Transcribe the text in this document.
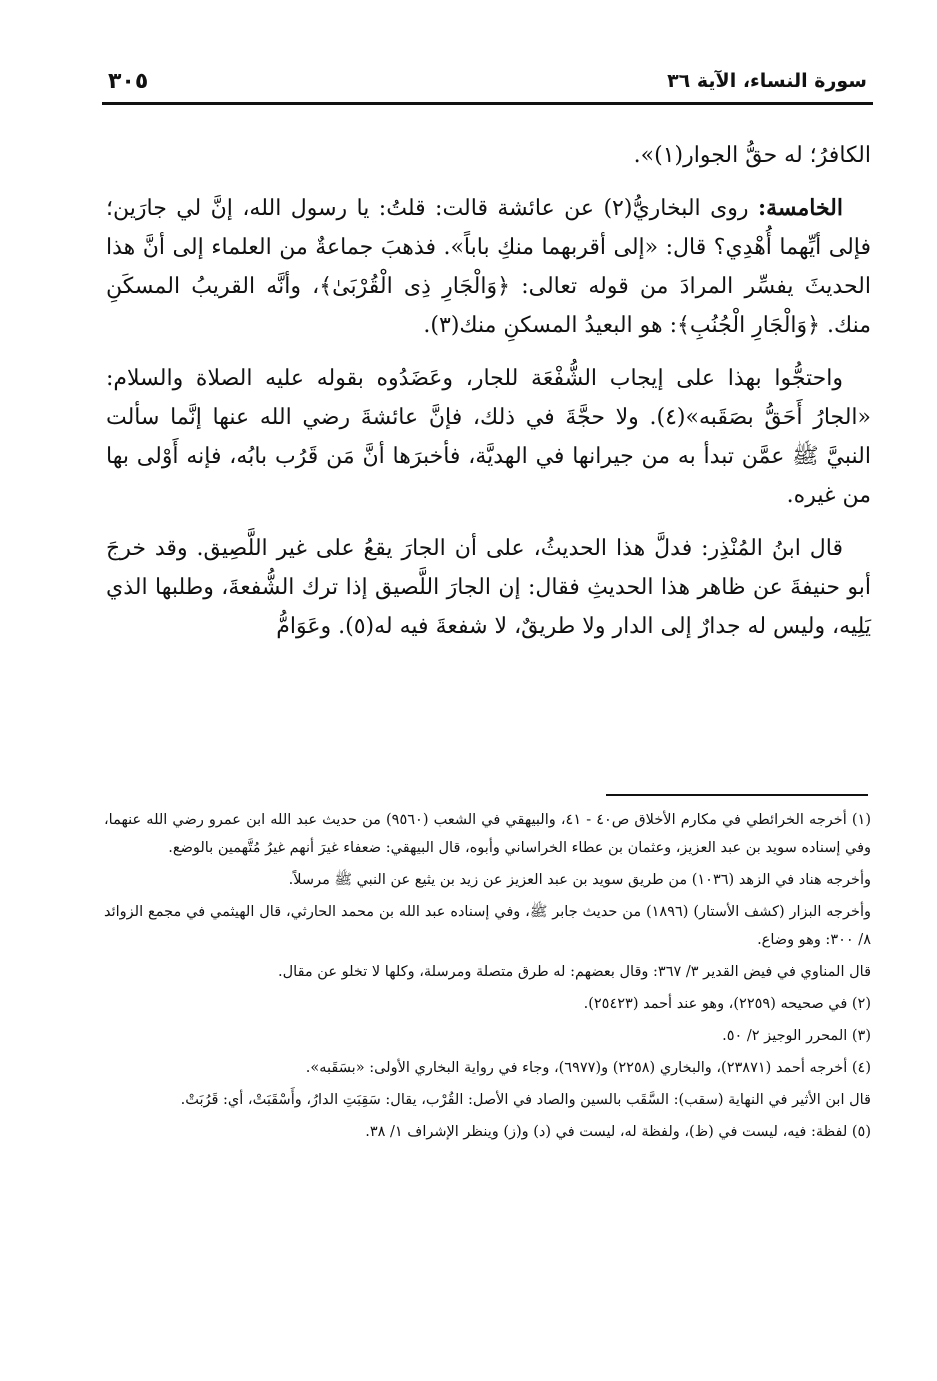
سورة النساء، الآية ٣٦
٣٠٥

الكافرُ؛ له حقُّ الجوار(١)».

الخامسة: روى البخاريُّ(٢) عن عائشة قالت: قلتُ: يا رسول الله، إنَّ لي جارَين؛ فإلى أيِّهما أُهْدِي؟ قال: «إلى أقربهما منكِ باباً». فذهبَ جماعةٌ من العلماء إلى أنَّ هذا الحديثَ يفسِّر المرادَ من قوله تعالى: ﴿وَالْجَارِ ذِى الْقُرْبَىٰ﴾، وأنَّه القريبُ المسكَنِ منك. ﴿وَالْجَارِ الْجُنُبِ﴾: هو البعيدُ المسكنِ منك(٣).

واحتجُّوا بهذا على إيجاب الشُّفْعَة للجار، وعَضَدُوه بقوله عليه الصلاة والسلام: «الجارُ أَحَقُّ بصَقَبه»(٤). ولا حجَّةَ في ذلك، فإنَّ عائشةَ رضي الله عنها إنَّما سألت النبيَّ ﷺ عمَّن تبدأ به من جيرانها في الهديَّة، فأخبرَها أنَّ مَن قَرُب بابُه، فإنه أَوْلى بها من غيره.

قال ابنُ المُنْذِر: فدلَّ هذا الحديثُ، على أن الجارَ يقعُ على غير اللَّصِيق. وقد خرجَ أبو حنيفةَ عن ظاهر هذا الحديثِ فقال: إن الجارَ اللَّصيق إذا ترك الشُّفعةَ، وطلبها الذي يَلِيه، وليس له جدارٌ إلى الدار ولا طريقٌ، لا شفعةَ فيه له(٥). وعَوَامُّ

(١) أخرجه الخرائطي في مكارم الأخلاق ص٤٠ - ٤١، والبيهقي في الشعب (٩٥٦٠) من حديث عبد الله ابن عمرو رضي الله عنهما، وفي إسناده سويد بن عبد العزيز، وعثمان بن عطاء الخراساني وأبوه، قال البيهقي: ضعفاء غيرَ أنهم غيرُ مُتَّهمين بالوضع.

وأخرجه هناد في الزهد (١٠٣٦) من طريق سويد بن عبد العزيز عن زيد بن يثيع عن النبي ﷺ مرسلاً.

وأخرجه البزار (كشف الأستار) (١٨٩٦) من حديث جابر ﷺ، وفي إسناده عبد الله بن محمد الحارثي، قال الهيثمي في مجمع الزوائد ٨/ ٣٠٠: وهو وضاع.

قال المناوي في فيض القدير ٣/ ٣٦٧: وقال بعضهم: له طرق متصلة ومرسلة، وكلها لا تخلو عن مقال.

(٢) في صحيحه (٢٢٥٩)، وهو عند أحمد (٢٥٤٢٣).

(٣) المحرر الوجيز ٢/ ٥٠.

(٤) أخرجه أحمد (٢٣٨٧١)، والبخاري (٢٢٥٨) و(٦٩٧٧)، وجاء في رواية البخاري الأولى: «بسَقَبه».

قال ابن الأثير في النهاية (سقب): السَّقَب بالسين والصاد في الأصل: القُرْب، يقال: سَقِبَتِ الدارُ، وأَسْقَبَتْ، أي: قَرُبَتْ.

(٥) لفظة: فيه، ليست في (ظ)، ولفظة له، ليست في (د) و(ز) وينظر الإشراف ١/ ٣٨.
